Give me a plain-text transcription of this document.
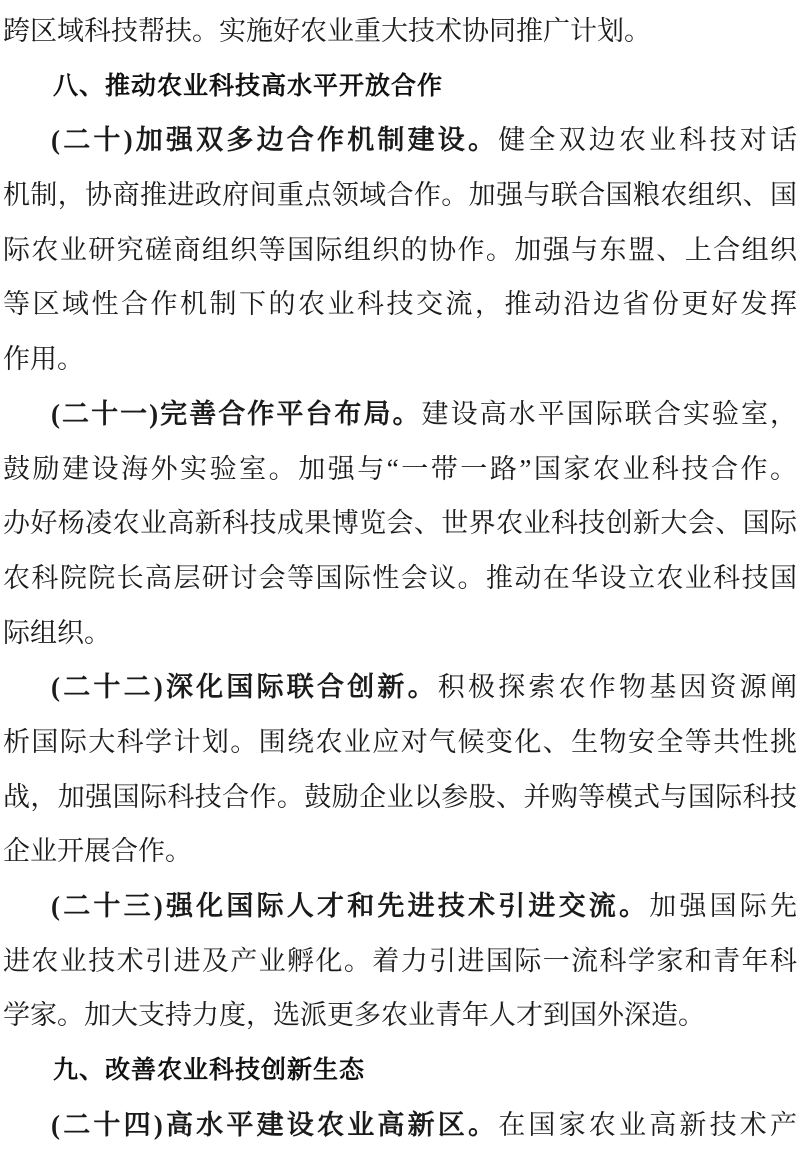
跨区域科技帮扶。实施好农业重大技术协同推广计划。
八、推动农业科技高水平开放合作
(二十)加强双多边合作机制建设。健全双边农业科技对话
机制，协商推进政府间重点领域合作。加强与联合国粮农组织、国
际农业研究磋商组织等国际组织的协作。加强与东盟、上合组织
等区域性合作机制下的农业科技交流，推动沿边省份更好发挥
作用。
(二十一)完善合作平台布局。建设高水平国际联合实验室，
鼓励建设海外实验室。加强与“一带一路”国家农业科技合作。
办好杨凌农业高新科技成果博览会、世界农业科技创新大会、国际
农科院院长高层研讨会等国际性会议。推动在华设立农业科技国
际组织。
(二十二)深化国际联合创新。积极探索农作物基因资源阐
析国际大科学计划。围绕农业应对气候变化、生物安全等共性挑
战，加强国际科技合作。鼓励企业以参股、并购等模式与国际科技
企业开展合作。
(二十三)强化国际人才和先进技术引进交流。加强国际先
进农业技术引进及产业孵化。着力引进国际一流科学家和青年科
学家。加大支持力度，选派更多农业青年人才到国外深造。
九、改善农业科技创新生态
(二十四)高水平建设农业高新区。在国家农业高新技术产
